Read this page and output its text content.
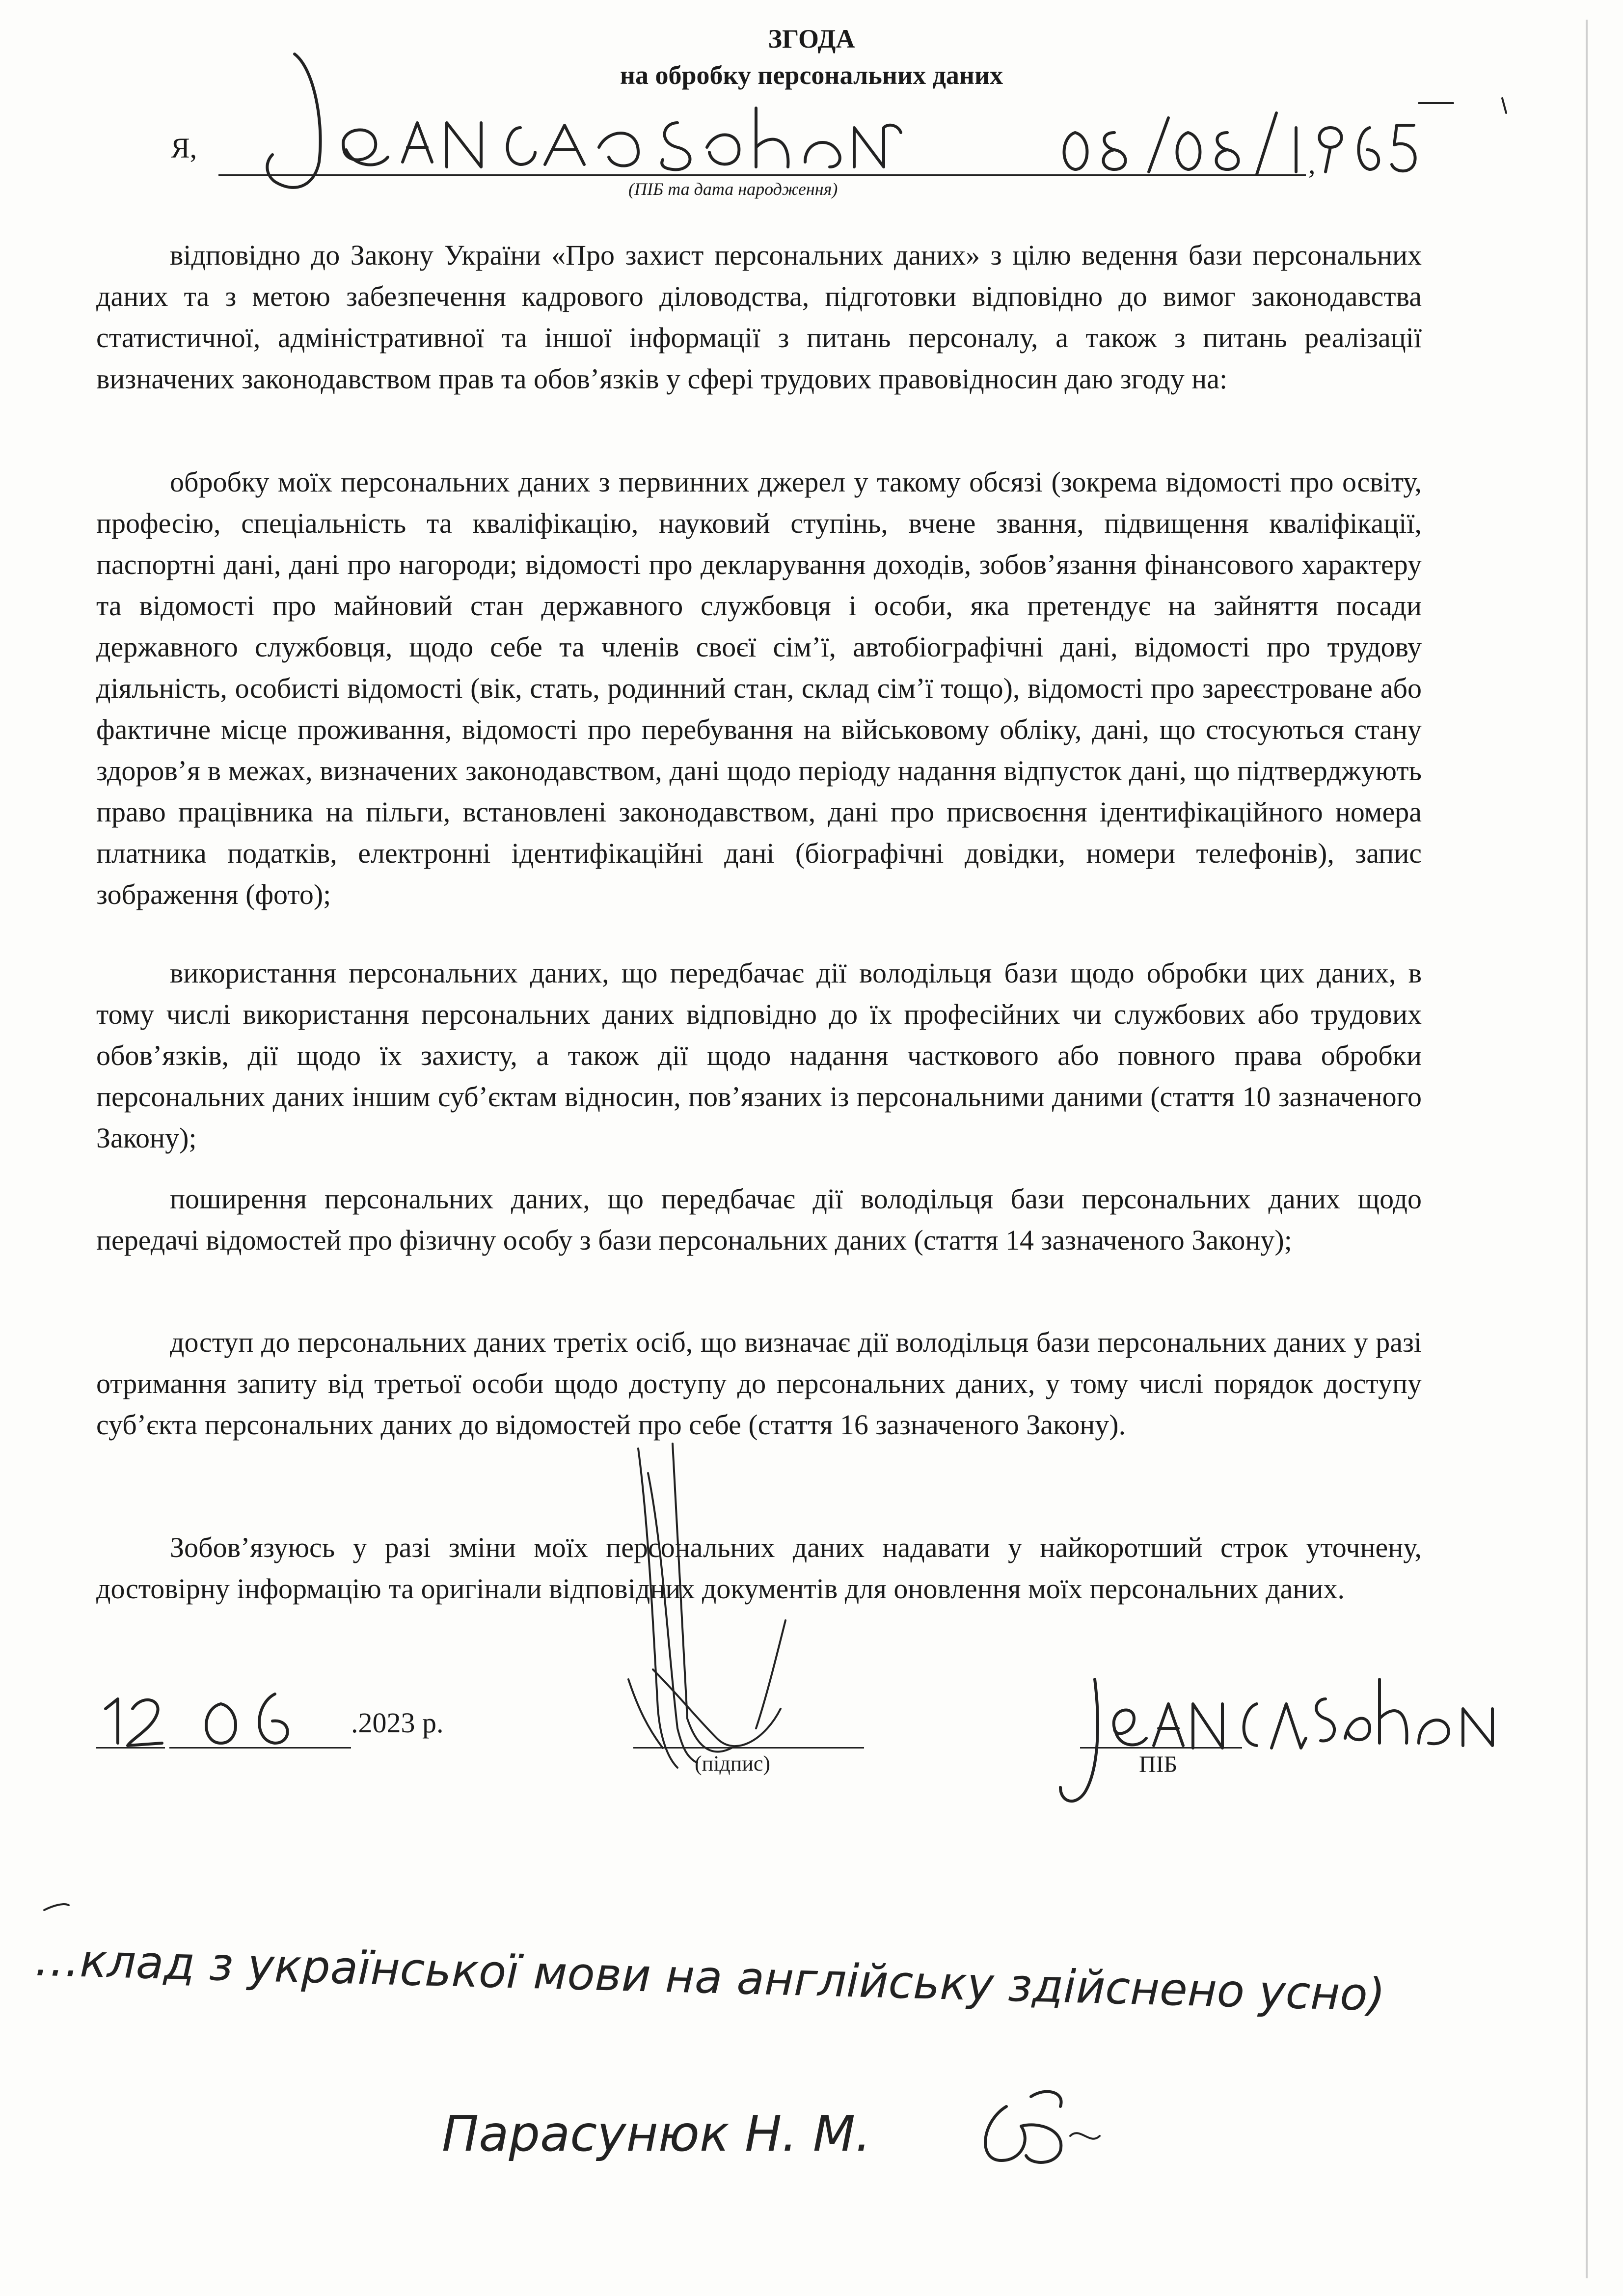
ЗГОДА
на обробку персональних даних
Я,	,
(ПІБ та дата народження)

відповідно до Закону України «Про захист персональних даних» з цілю ведення бази персональних даних та з метою забезпечення кадрового діловодства, підготовки відповідно до вимог законодавства статистичної, адміністративної та іншої інформації з питань персоналу, а також з питань реалізації визначених законодавством прав та обов’язків у сфері трудових правовідносин даю згоду на:

обробку моїх персональних даних з первинних джерел у такому обсязі (зокрема відомості про освіту, професію, спеціальність та кваліфікацію, науковий ступінь, вчене звання, підвищення кваліфікації, паспортні дані, дані про нагороди; відомості про декларування доходів, зобов’язання фінансового характеру та відомості про майновий стан державного службовця і особи, яка претендує на зайняття посади державного службовця, щодо себе та членів своєї сім’ї, автобіографічні дані, відомості про трудову діяльність, особисті відомості (вік, стать, родинний стан, склад сім’ї тощо), відомості про зареєстроване або фактичне місце проживання, відомості про перебування на військовому обліку, дані, що стосуються стану здоров’я в межах, визначених законодавством, дані щодо періоду надання відпусток дані, що підтверджують право працівника на пільги, встановлені законодавством, дані про присвоєння ідентифікаційного номера платника податків, електронні ідентифікаційні дані (біографічні довідки, номери телефонів), запис зображення (фото);

використання персональних даних, що передбачає дії володільця бази щодо обробки цих даних, в тому числі використання персональних даних відповідно до їх професійних чи службових або трудових обов’язків, дії щодо їх захисту, а також дії щодо надання часткового або повного права обробки персональних даних іншим суб’єктам відносин, пов’язаних із персональними даними (стаття 10 зазначеного Закону);

поширення персональних даних, що передбачає дії володільця бази персональних даних щодо передачі відомостей про фізичну особу з бази персональних даних (стаття 14 зазначеного Закону);

доступ до персональних даних третіх осіб, що визначає дії володільця бази персональних даних у разі отримання запиту від третьої особи щодо доступу до персональних даних, у тому числі порядок доступу суб’єкта персональних даних до відомостей про себе (стаття 16 зазначеного Закону).

Зобов’язуюсь у разі зміни моїх персональних даних надавати у найкоротший строк уточнену, достовірну інформацію та оригінали відповідних документів для оновлення моїх персональних даних.

.2023 р.
(підпис)	ПІБ
…клад з української мови на англійську здійснено усно)
Парасунюк Н. М.
